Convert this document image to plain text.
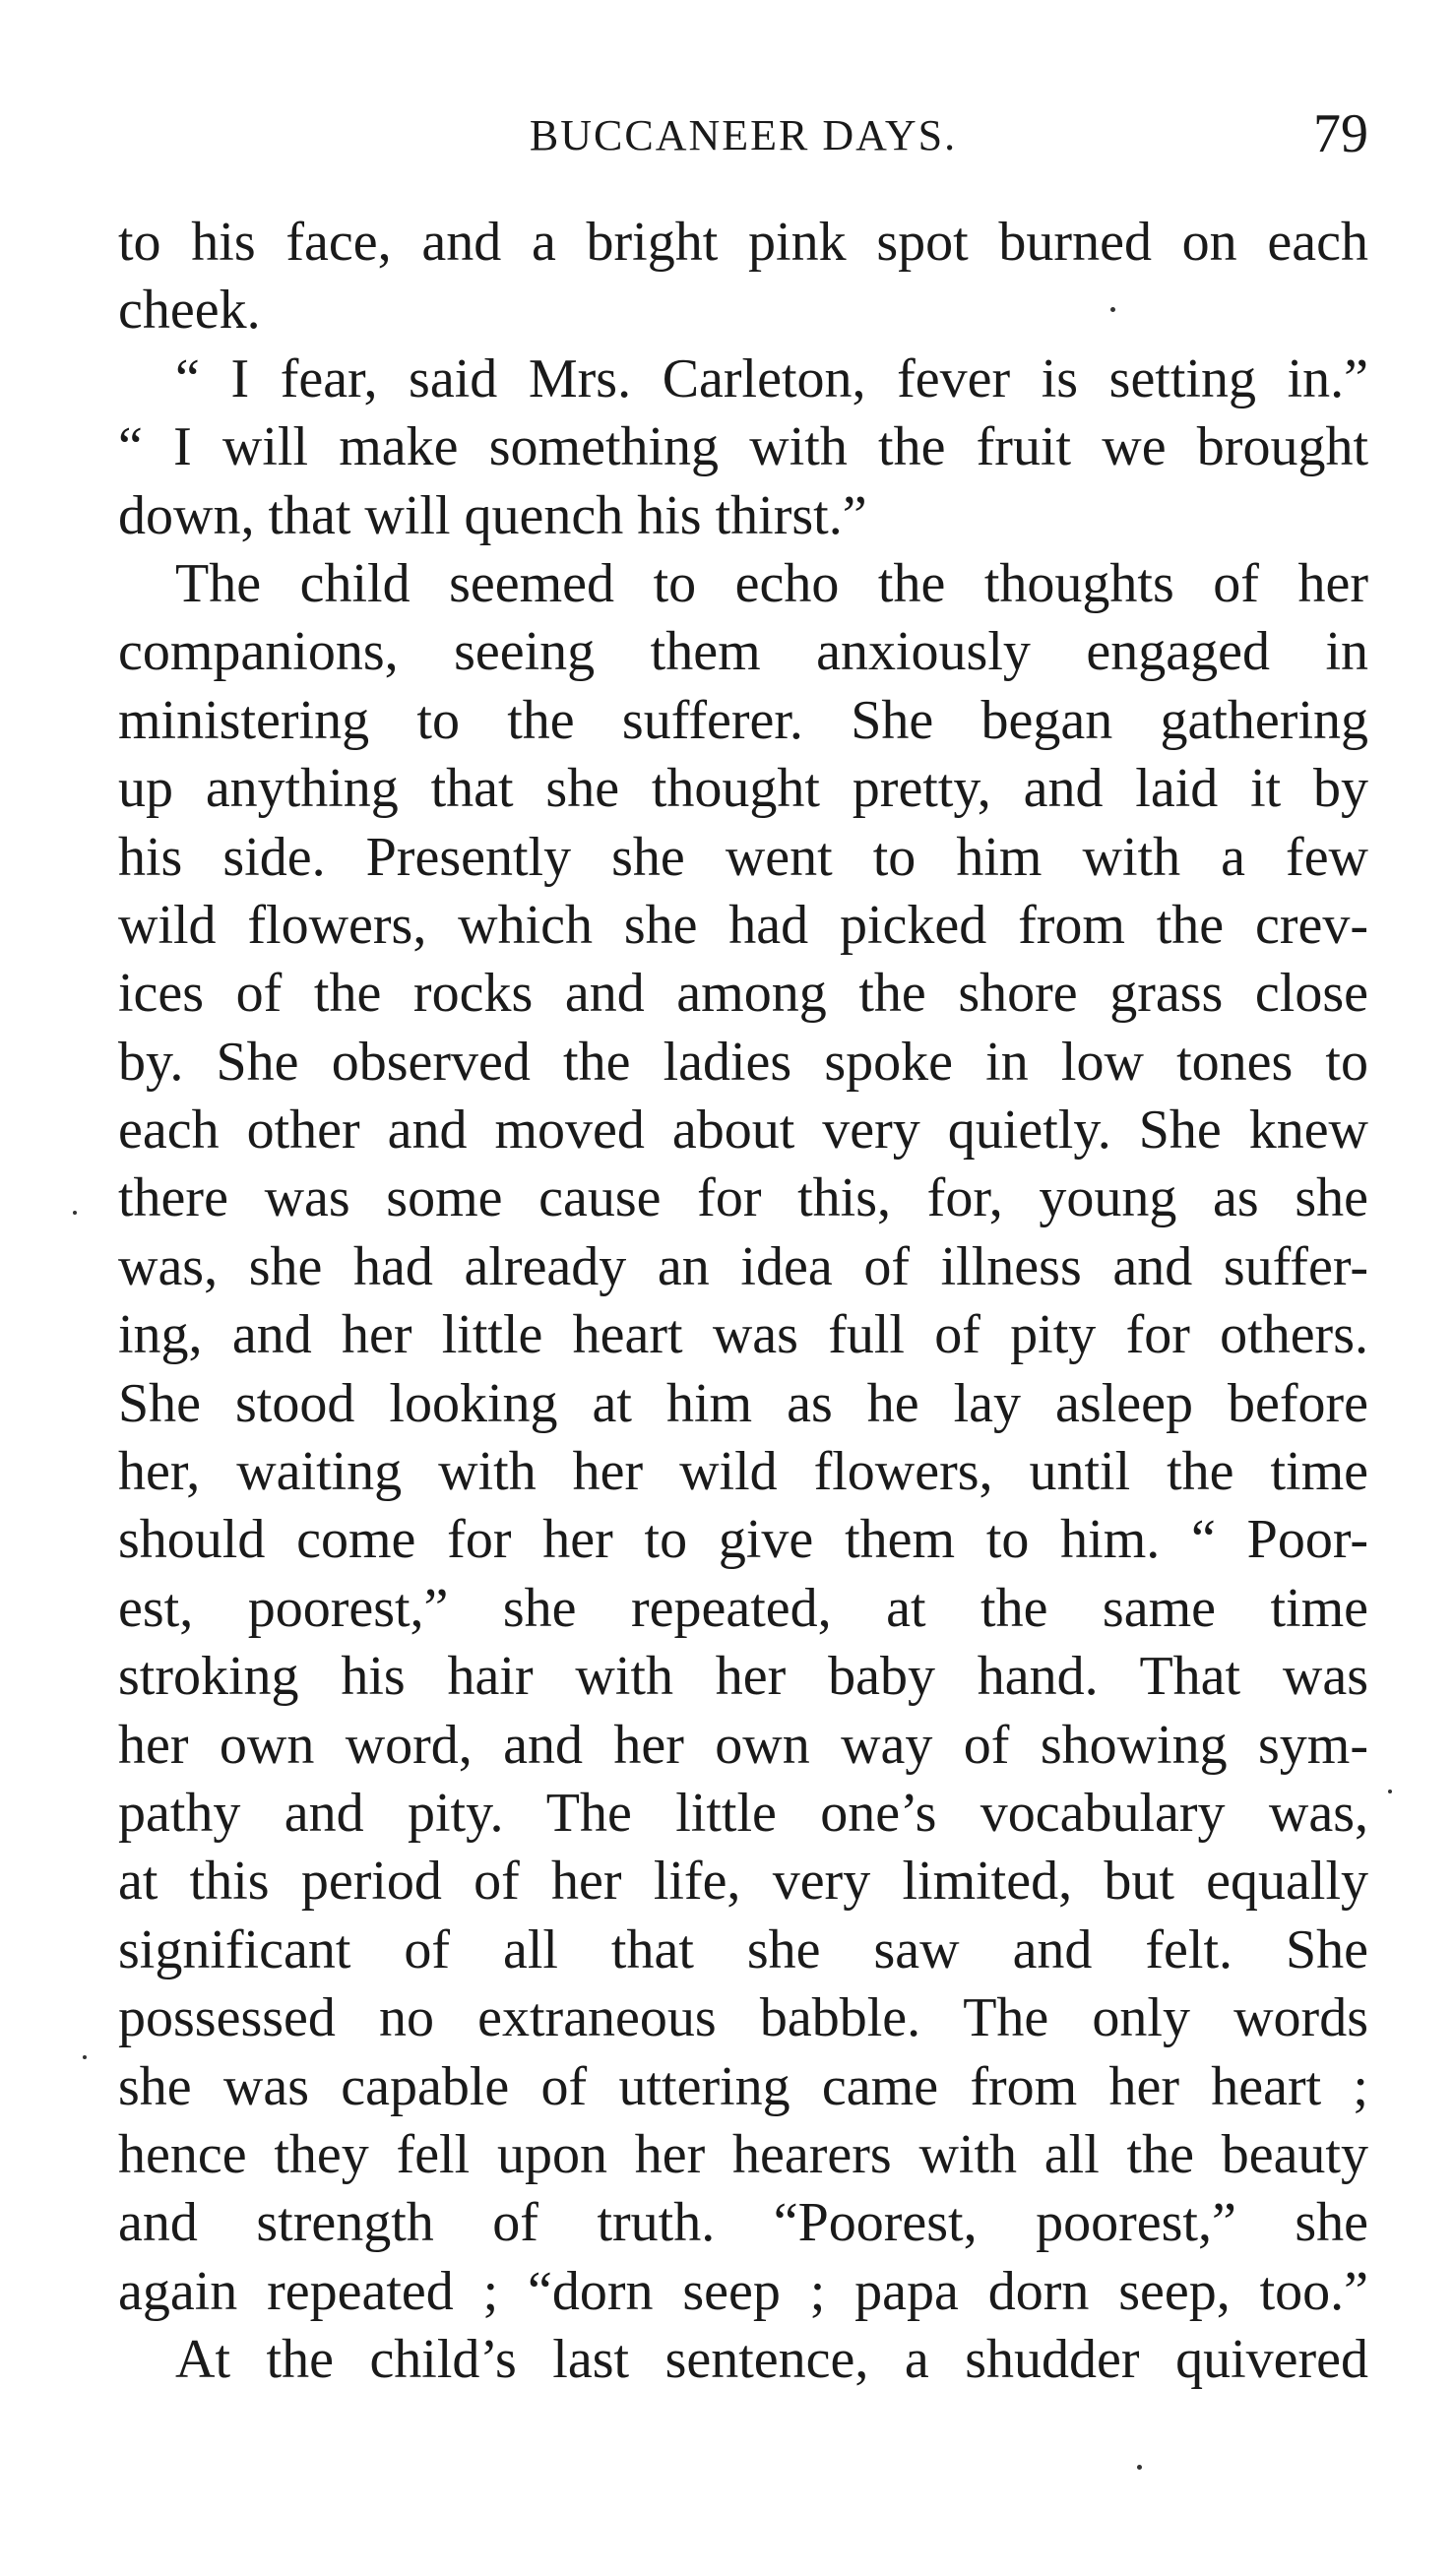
BUCCANEER DAYS.	79
to his face, and a bright pink spot burned on each
cheek.
“ I fear, said Mrs. Carleton, fever is setting in.”
“ I will make something with the fruit we brought
down, that will quench his thirst.”
The child seemed to echo the thoughts of her
companions, seeing them anxiously engaged in
ministering to the sufferer. She began gathering
up anything that she thought pretty, and laid it by
his side. Presently she went to him with a few
wild flowers, which she had picked from the crev-
ices of the rocks and among the shore grass close
by. She observed the ladies spoke in low tones to
each other and moved about very quietly. She knew
there was some cause for this, for, young as she
was, she had already an idea of illness and suffer-
ing, and her little heart was full of pity for others.
She stood looking at him as he lay asleep before
her, waiting with her wild flowers, until the time
should come for her to give them to him. “ Poor-
est, poorest,” she repeated, at the same time
stroking his hair with her baby hand. That was
her own word, and her own way of showing sym-
pathy and pity. The little one’s vocabulary was,
at this period of her life, very limited, but equally
significant of all that she saw and felt. She
possessed no extraneous babble. The only words
she was capable of uttering came from her heart ;
hence they fell upon her hearers with all the beauty
and strength of truth. “Poorest, poorest,” she
again repeated ; “dorn seep ; papa dorn seep, too.”
At the child’s last sentence, a shudder quivered
